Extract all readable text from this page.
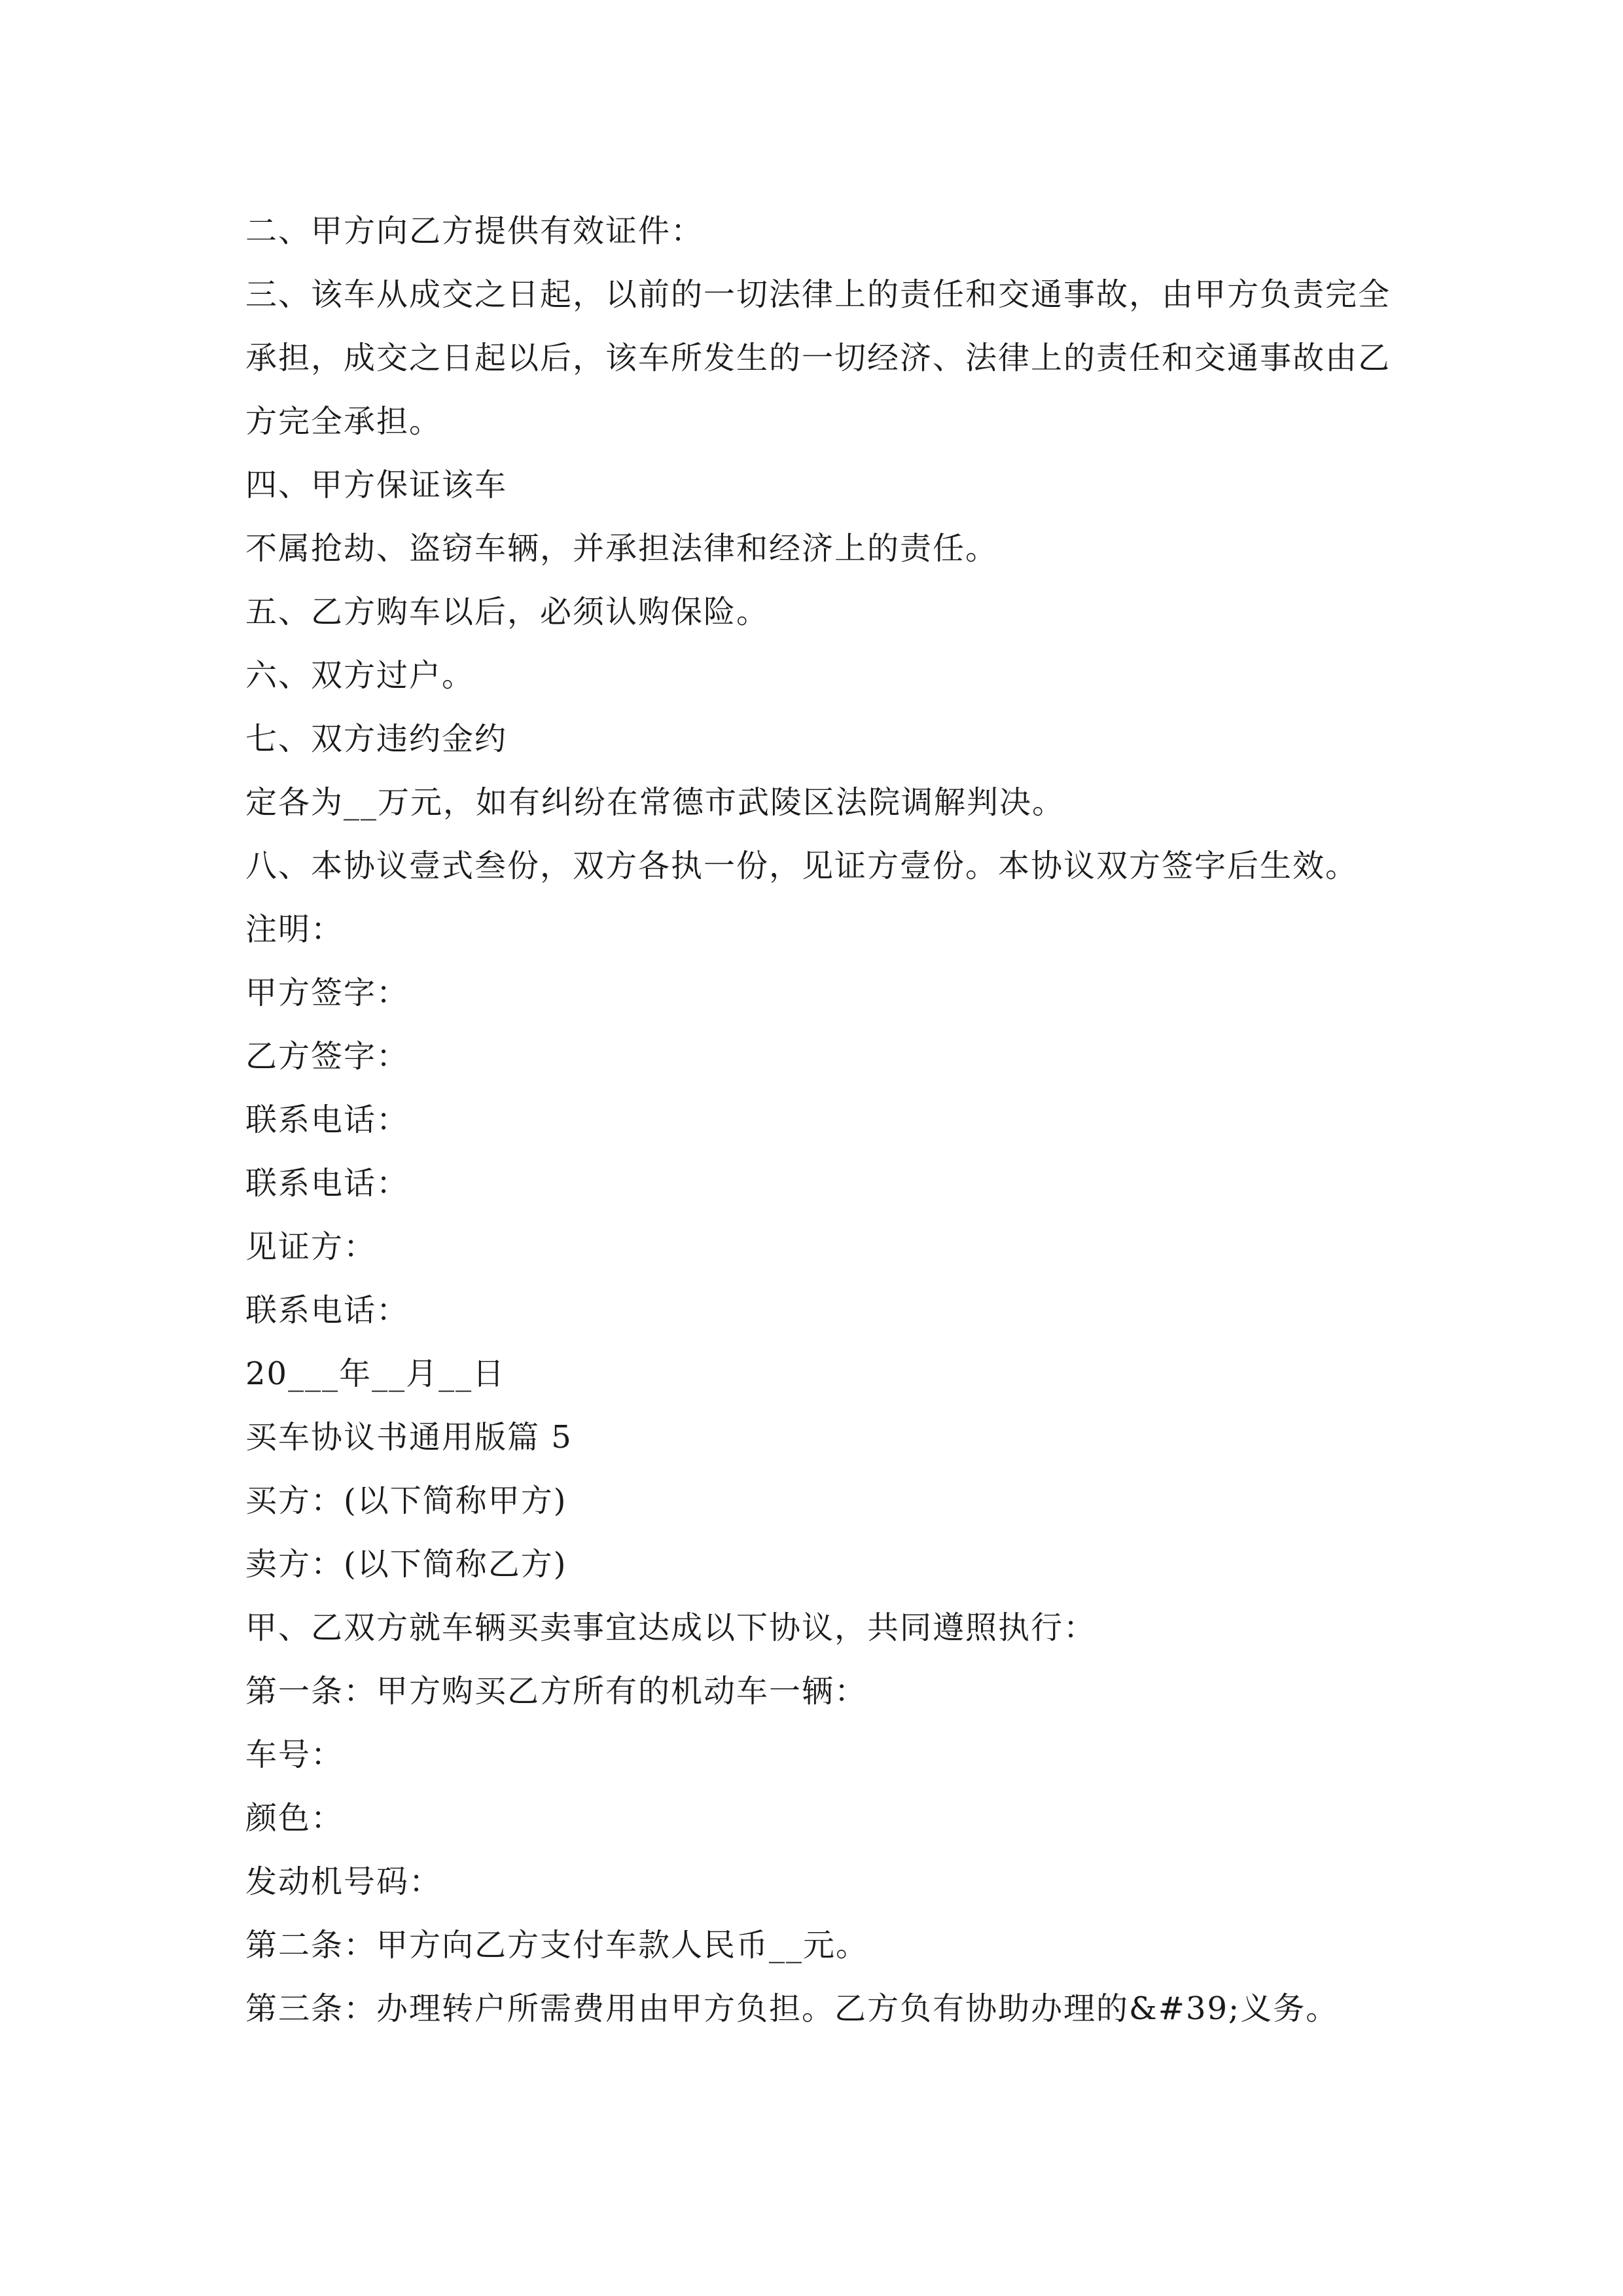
二、甲方向乙方提供有效证件：
三、该车从成交之日起，以前的一切法律上的责任和交通事故，由甲方负责完全
承担，成交之日起以后，该车所发生的一切经济、法律上的责任和交通事故由乙
方完全承担。
四、甲方保证该车
不属抢劫、盗窃车辆，并承担法律和经济上的责任。
五、乙方购车以后，必须认购保险。
六、双方过户。
七、双方违约金约
定各为__万元，如有纠纷在常德市武陵区法院调解判决。
八、本协议壹式叁份，双方各执一份，见证方壹份。本协议双方签字后生效。
注明：
甲方签字：
乙方签字：
联系电话：
联系电话：
见证方：
联系电话：
20___年__月__日
买车协议书通用版篇 5
买方：(以下简称甲方)
卖方：(以下简称乙方)
甲、乙双方就车辆买卖事宜达成以下协议，共同遵照执行：
第一条：甲方购买乙方所有的机动车一辆：
车号：
颜色：
发动机号码：
第二条：甲方向乙方支付车款人民币__元。
第三条：办理转户所需费用由甲方负担。乙方负有协助办理的&#39;义务。
